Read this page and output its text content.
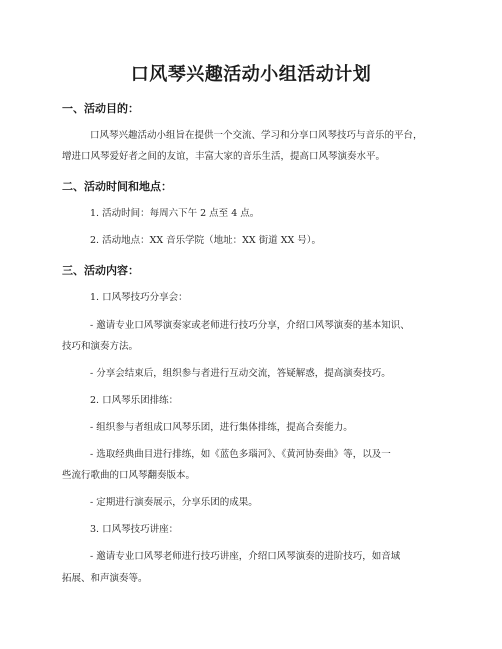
口风琴兴趣活动小组活动计划
一、活动目的：
口风琴兴趣活动小组旨在提供一个交流、学习和分享口风琴技巧与音乐的平台，
增进口风琴爱好者之间的友谊，丰富大家的音乐生活，提高口风琴演奏水平。
二、活动时间和地点：
1. 活动时间：每周六下午 2 点至 4 点。
2. 活动地点：XX 音乐学院（地址：XX 街道 XX 号）。
三、活动内容：
1. 口风琴技巧分享会：
- 邀请专业口风琴演奏家或老师进行技巧分享，介绍口风琴演奏的基本知识、
技巧和演奏方法。
- 分享会结束后，组织参与者进行互动交流，答疑解惑，提高演奏技巧。
2. 口风琴乐团排练：
- 组织参与者组成口风琴乐团，进行集体排练，提高合奏能力。
- 选取经典曲目进行排练，如《蓝色多瑙河》、《黄河协奏曲》等，以及一
些流行歌曲的口风琴翻奏版本。
- 定期进行演奏展示，分享乐团的成果。
3. 口风琴技巧讲座：
- 邀请专业口风琴老师进行技巧讲座，介绍口风琴演奏的进阶技巧，如音域
拓展、和声演奏等。
